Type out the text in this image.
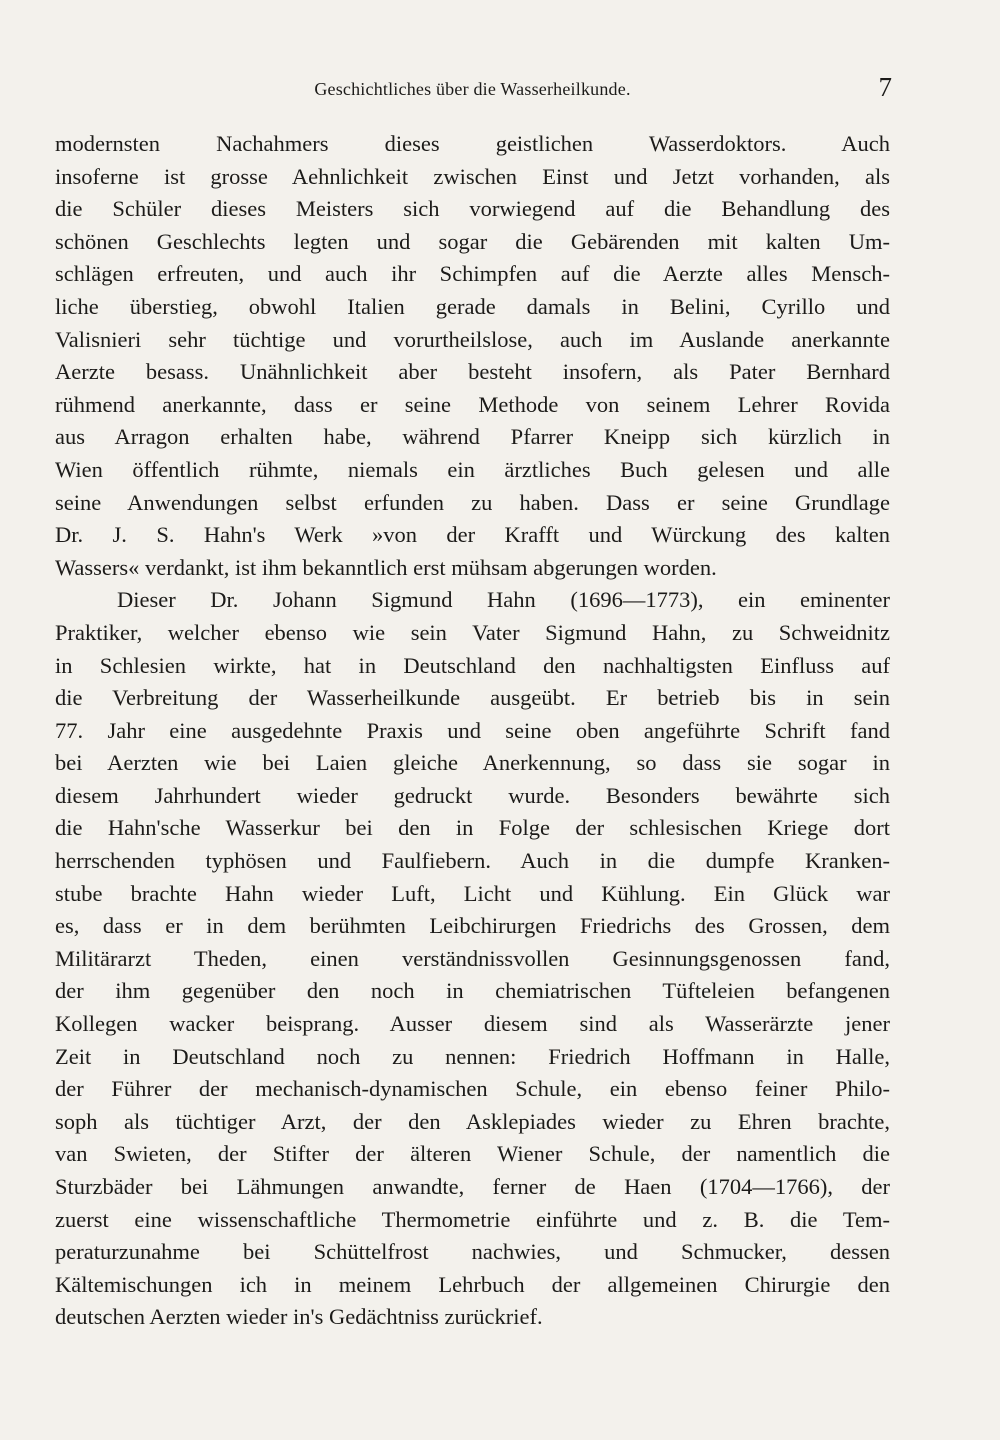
Geschichtliches über die Wasserheilkunde.	7
modernsten Nachahmers dieses geistlichen Wasserdoktors. Auch
insoferne ist grosse Aehnlichkeit zwischen Einst und Jetzt vorhanden, als
die Schüler dieses Meisters sich vorwiegend auf die Behandlung des
schönen Geschlechts legten und sogar die Gebärenden mit kalten Um-
schlägen erfreuten, und auch ihr Schimpfen auf die Aerzte alles Mensch-
liche überstieg, obwohl Italien gerade damals in Belini, Cyrillo und
Valisnieri sehr tüchtige und vorurtheilslose, auch im Auslande anerkannte
Aerzte besass. Unähnlichkeit aber besteht insofern, als Pater Bernhard
rühmend anerkannte, dass er seine Methode von seinem Lehrer Rovida
aus Arragon erhalten habe, während Pfarrer Kneipp sich kürzlich in
Wien öffentlich rühmte, niemals ein ärztliches Buch gelesen und alle
seine Anwendungen selbst erfunden zu haben. Dass er seine Grundlage
Dr. J. S. Hahn's Werk »von der Krafft und Würckung des kalten
Wassers« verdankt, ist ihm bekanntlich erst mühsam abgerungen worden.
Dieser Dr. Johann Sigmund Hahn (1696—1773), ein eminenter
Praktiker, welcher ebenso wie sein Vater Sigmund Hahn, zu Schweidnitz
in Schlesien wirkte, hat in Deutschland den nachhaltigsten Einfluss auf
die Verbreitung der Wasserheilkunde ausgeübt. Er betrieb bis in sein
77. Jahr eine ausgedehnte Praxis und seine oben angeführte Schrift fand
bei Aerzten wie bei Laien gleiche Anerkennung, so dass sie sogar in
diesem Jahrhundert wieder gedruckt wurde. Besonders bewährte sich
die Hahn'sche Wasserkur bei den in Folge der schlesischen Kriege dort
herrschenden typhösen und Faulfiebern. Auch in die dumpfe Kranken-
stube brachte Hahn wieder Luft, Licht und Kühlung. Ein Glück war
es, dass er in dem berühmten Leibchirurgen Friedrichs des Grossen, dem
Militärarzt Theden, einen verständnissvollen Gesinnungsgenossen fand,
der ihm gegenüber den noch in chemiatrischen Tüfteleien befangenen
Kollegen wacker beisprang. Ausser diesem sind als Wasserärzte jener
Zeit in Deutschland noch zu nennen: Friedrich Hoffmann in Halle,
der Führer der mechanisch-dynamischen Schule, ein ebenso feiner Philo-
soph als tüchtiger Arzt, der den Asklepiades wieder zu Ehren brachte,
van Swieten, der Stifter der älteren Wiener Schule, der namentlich die
Sturzbäder bei Lähmungen anwandte, ferner de Haen (1704—1766), der
zuerst eine wissenschaftliche Thermometrie einführte und z. B. die Tem-
peraturzunahme bei Schüttelfrost nachwies, und Schmucker, dessen
Kältemischungen ich in meinem Lehrbuch der allgemeinen Chirurgie den
deutschen Aerzten wieder in's Gedächtniss zurückrief.
